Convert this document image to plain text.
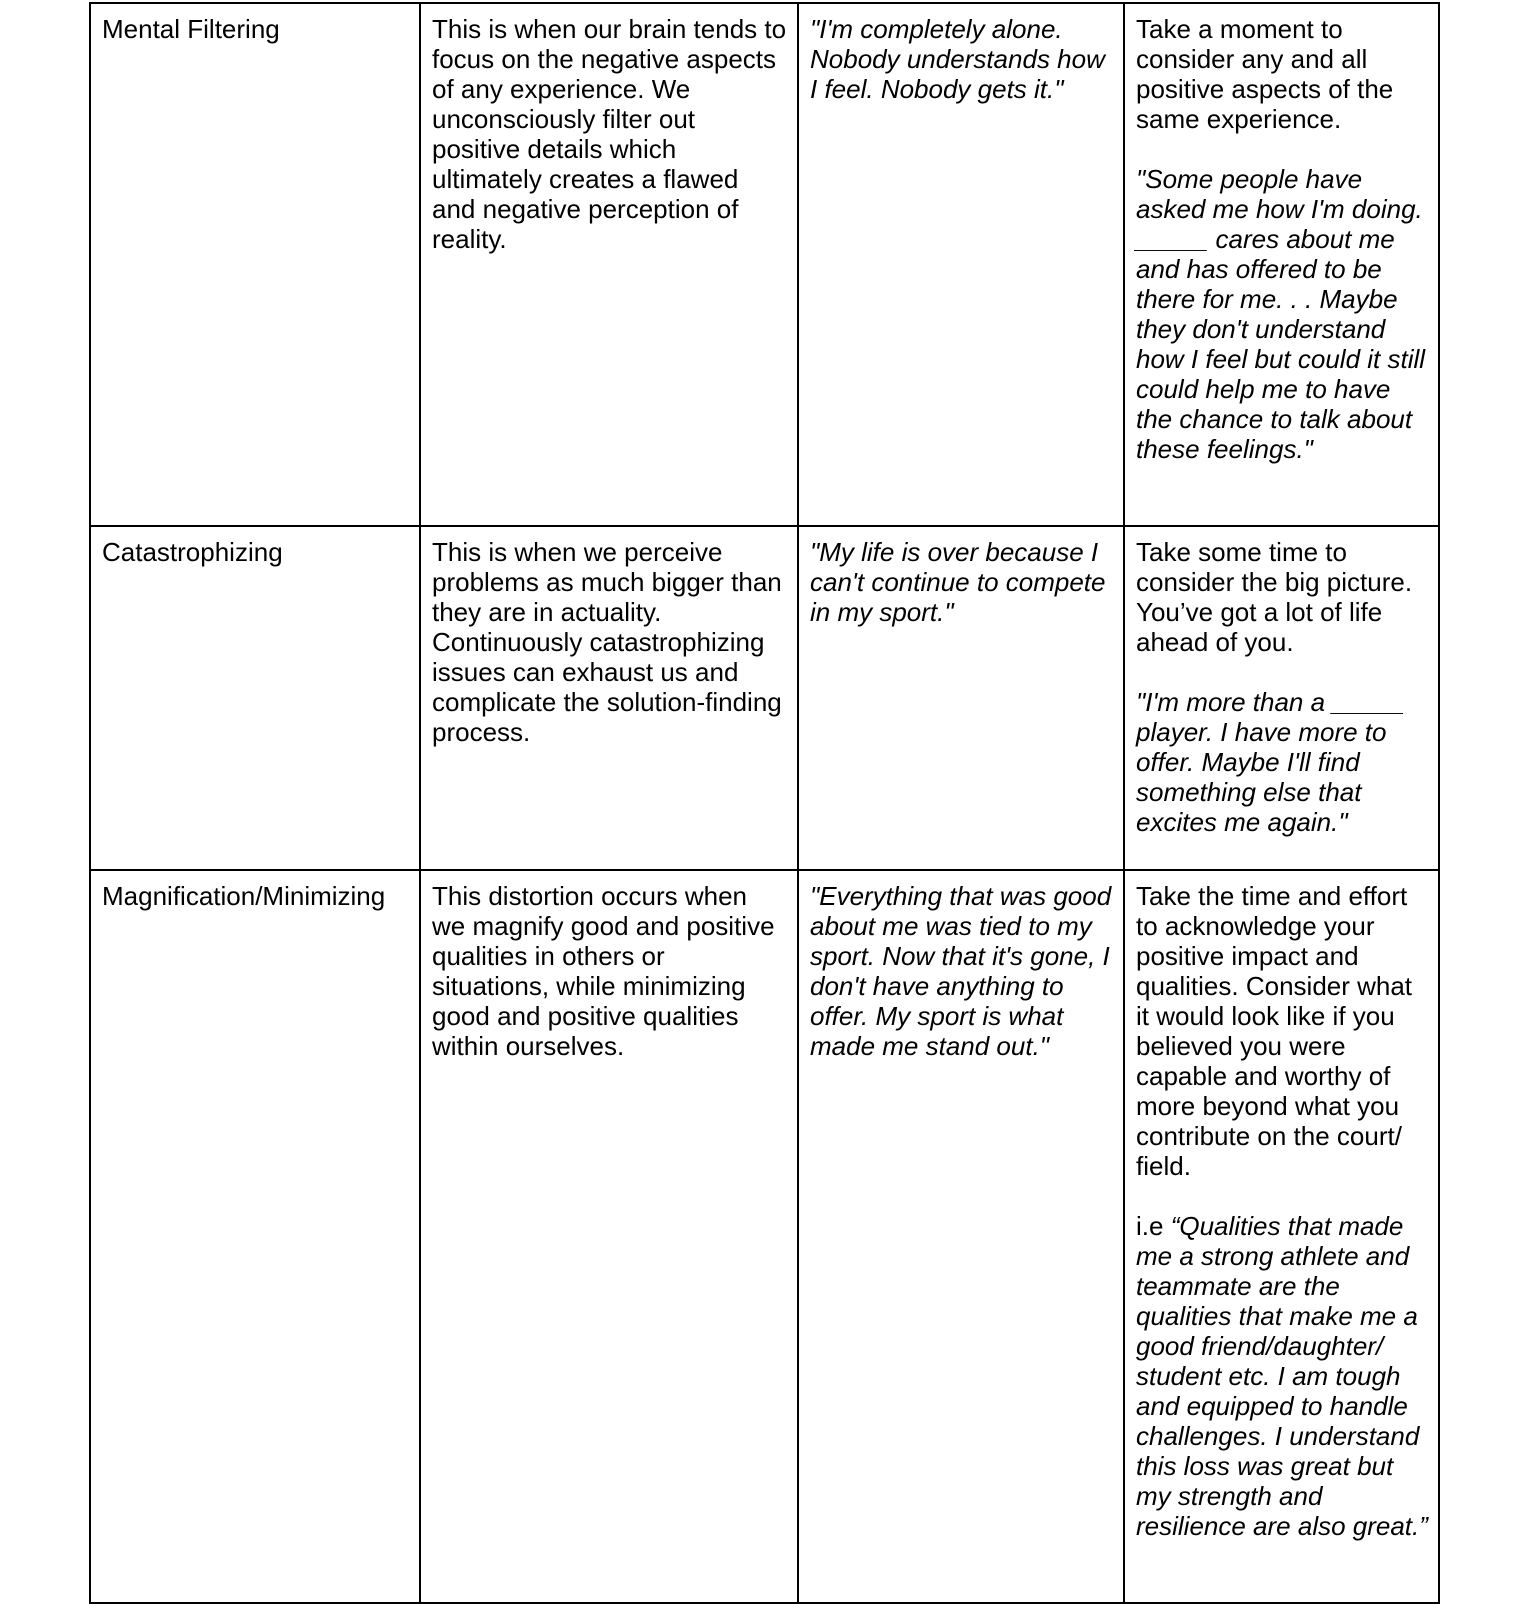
Mental Filtering	This is when our brain tends to focus on the negative aspects of any experience. We unconsciously filter out positive details which ultimately creates a flawed and negative perception of reality.	"I'm completely alone. Nobody understands how I feel. Nobody gets it."	Take a moment to consider any and all positive aspects of the same experience.
"Some people have asked me how I'm doing. _____ cares about me and has offered to be there for me. . . Maybe they don't understand how I feel but could it still could help me to have the chance to talk about these feelings."

Catastrophizing	This is when we perceive problems as much bigger than they are in actuality. Continuously catastrophizing issues can exhaust us and complicate the solution-finding process.	"My life is over because I can't continue to compete in my sport."	Take some time to consider the big picture. You’ve got a lot of life ahead of you.
"I'm more than a _____ player. I have more to offer. Maybe I'll find something else that excites me again."

Magnification/Minimizing	This distortion occurs when we magnify good and positive qualities in others or situations, while minimizing good and positive qualities within ourselves.	"Everything that was good about me was tied to my sport. Now that it's gone, I don't have anything to offer. My sport is what made me stand out."	Take the time and effort to acknowledge your positive impact and qualities. Consider what it would look like if you believed you were capable and worthy of more beyond what you contribute on the court/ field.
i.e “Qualities that made me a strong athlete and teammate are the qualities that make me a good friend/daughter/ student etc. I am tough and equipped to handle challenges. I understand this loss was great but my strength and resilience are also great.”
